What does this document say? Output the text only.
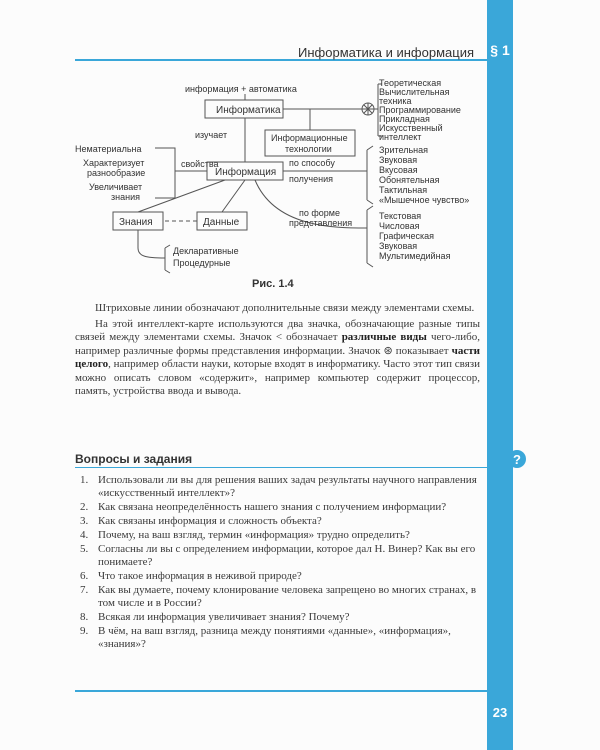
Информатика и информация § 1
информация + автоматика
Информатика
изучает	Информационные
технологии
Информация
свойства
Нематериальна
Характеризует
разнообразие
Увеличивает
знания
по способу
получения
по форме
представления
Знания	Данные
Декларативные
Процедурные
Теоретическая
Вычислительная
техника
Программирование
Прикладная
Искусственный
интеллект
Зрительная
Звуковая
Вкусовая
Обонятельная
Тактильная
«Мышечное чувство»
Текстовая
Числовая
Графическая
Звуковая
Мультимедийная
Рис. 1.4

Штриховые линии обозначают дополнительные связи между элементами схемы.

На этой интеллект-карте используются два значка, обозначающие разные типы связей между элементами схемы. Значок < обозначает различные виды чего-либо, например различные формы представления информации. Значок ⊛ показывает части целого, например области науки, которые входят в информатику. Часто этот тип связи можно описать словом «содержит», например компьютер содержит процессор, память, устройства ввода и вывода.

Вопросы и задания	?
1. Использовали ли вы для решения ваших задач результаты научного направления «искусственный интеллект»?
2. Как связана неопределённость нашего знания с получением информации?
3. Как связаны информация и сложность объекта?
4. Почему, на ваш взгляд, термин «информация» трудно определить?
5. Согласны ли вы с определением информации, которое дал Н. Винер? Как вы его понимаете?
6. Что такое информация в неживой природе?
7. Как вы думаете, почему клонирование человека запрещено во многих странах, в том числе и в России?
8. Всякая ли информация увеличивает знания? Почему?
9. В чём, на ваш взгляд, разница между понятиями «данные», «информация», «знания»?
23
